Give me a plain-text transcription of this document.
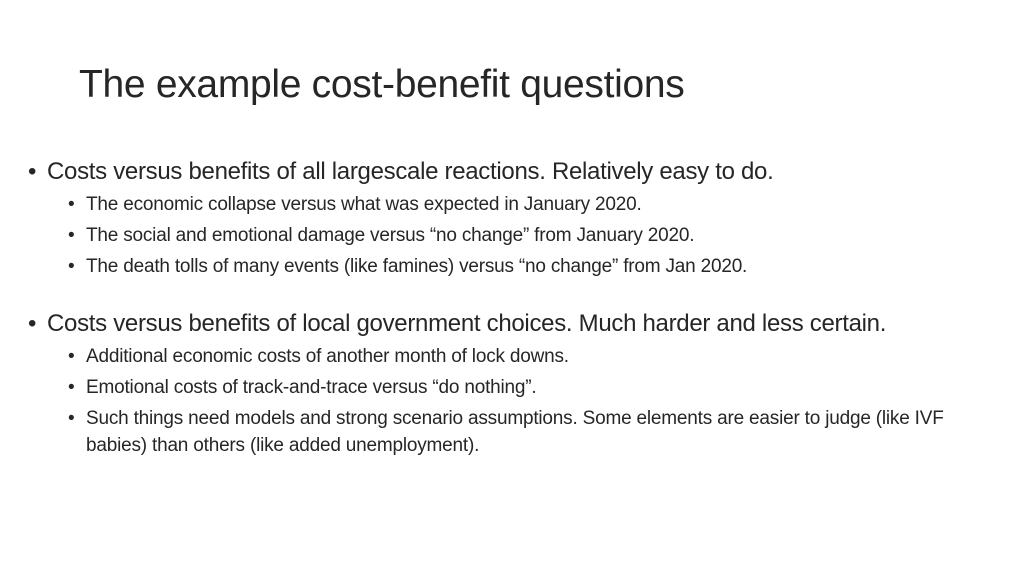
The example cost-benefit questions
• Costs versus benefits of all largescale reactions. Relatively easy to do.
• The economic collapse versus what was expected in January 2020.
• The social and emotional damage versus “no change” from January 2020.
• The death tolls of many events (like famines) versus “no change” from Jan 2020.
• Costs versus benefits of local government choices. Much harder and less certain.
• Additional economic costs of another month of lock downs.
• Emotional costs of track-and-trace versus “do nothing”.
• Such things need models and strong scenario assumptions. Some elements are easier to judge (like IVF babies) than others (like added unemployment).
